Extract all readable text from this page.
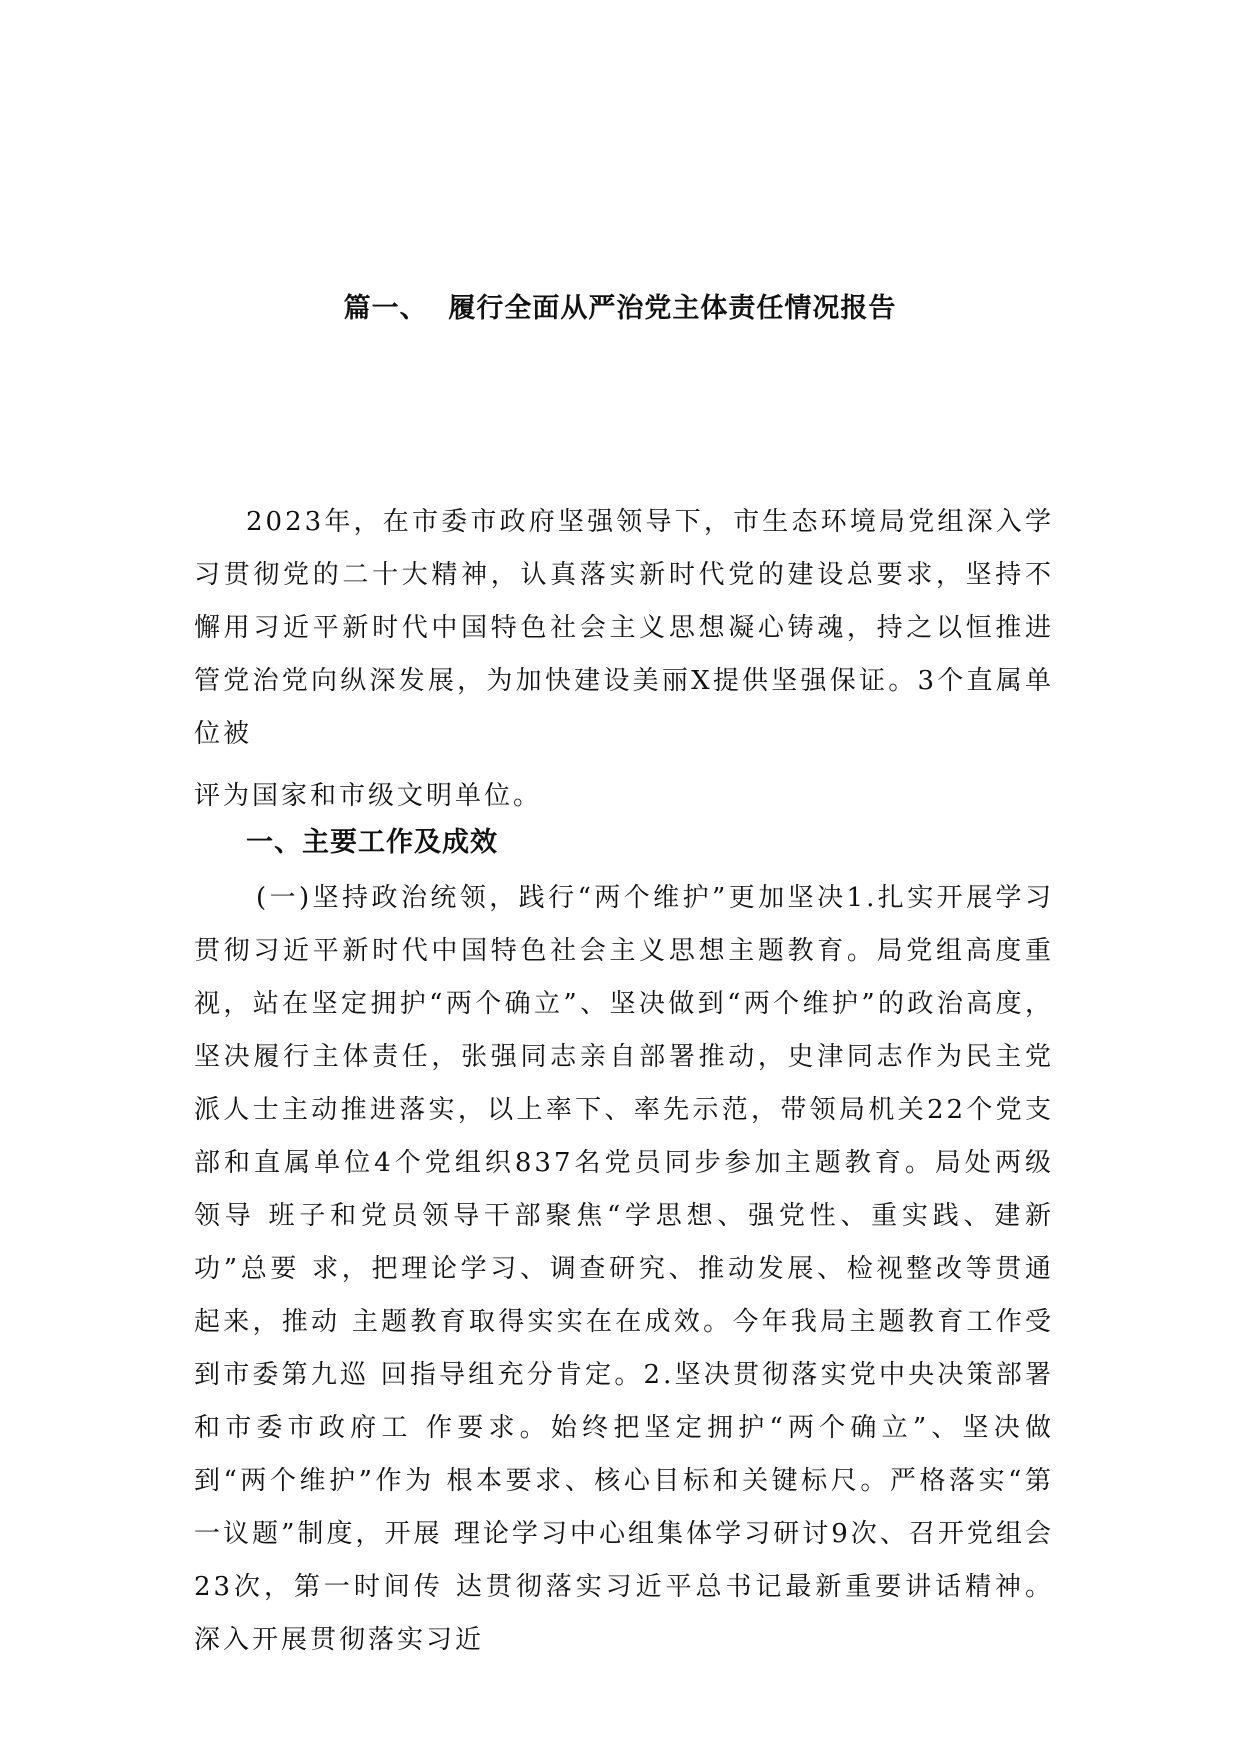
篇一、  履行全面从严治党主体责任情况报告

2023年，在市委市政府坚强领导下，市生态环境局党组深入学习贯彻党的二十大精神，认真落实新时代党的建设总要求，坚持不懈用习近平新时代中国特色社会主义思想凝心铸魂，持之以恒推进管党治党向纵深发展，为加快建设美丽X提供坚强保证。3个直属单位被

评为国家和市级文明单位。

一、主要工作及成效

(一)坚持政治统领，践行“两个维护”更加坚决1.扎实开展学习贯彻习近平新时代中国特色社会主义思想主题教育。局党组高度重视，站在坚定拥护“两个确立”、坚决做到“两个维护”的政治高度，坚决履行主体责任，张强同志亲自部署推动，史津同志作为民主党派人士主动推进落实，以上率下、率先示范，带领局机关22个党支部和直属单位4个党组织837名党员同步参加主题教育。局处两级领导 班子和党员领导干部聚焦“学思想、强党性、重实践、建新功”总要 求，把理论学习、调查研究、推动发展、检视整改等贯通起来，推动 主题教育取得实实在在成效。今年我局主题教育工作受到市委第九巡 回指导组充分肯定。2.坚决贯彻落实党中央决策部署和市委市政府工 作要求。始终把坚定拥护“两个确立”、坚决做到“两个维护”作为 根本要求、核心目标和关键标尺。严格落实“第一议题”制度，开展 理论学习中心组集体学习研讨9次、召开党组会23次，第一时间传 达贯彻落实习近平总书记最新重要讲话精神。深入开展贯彻落实习近
